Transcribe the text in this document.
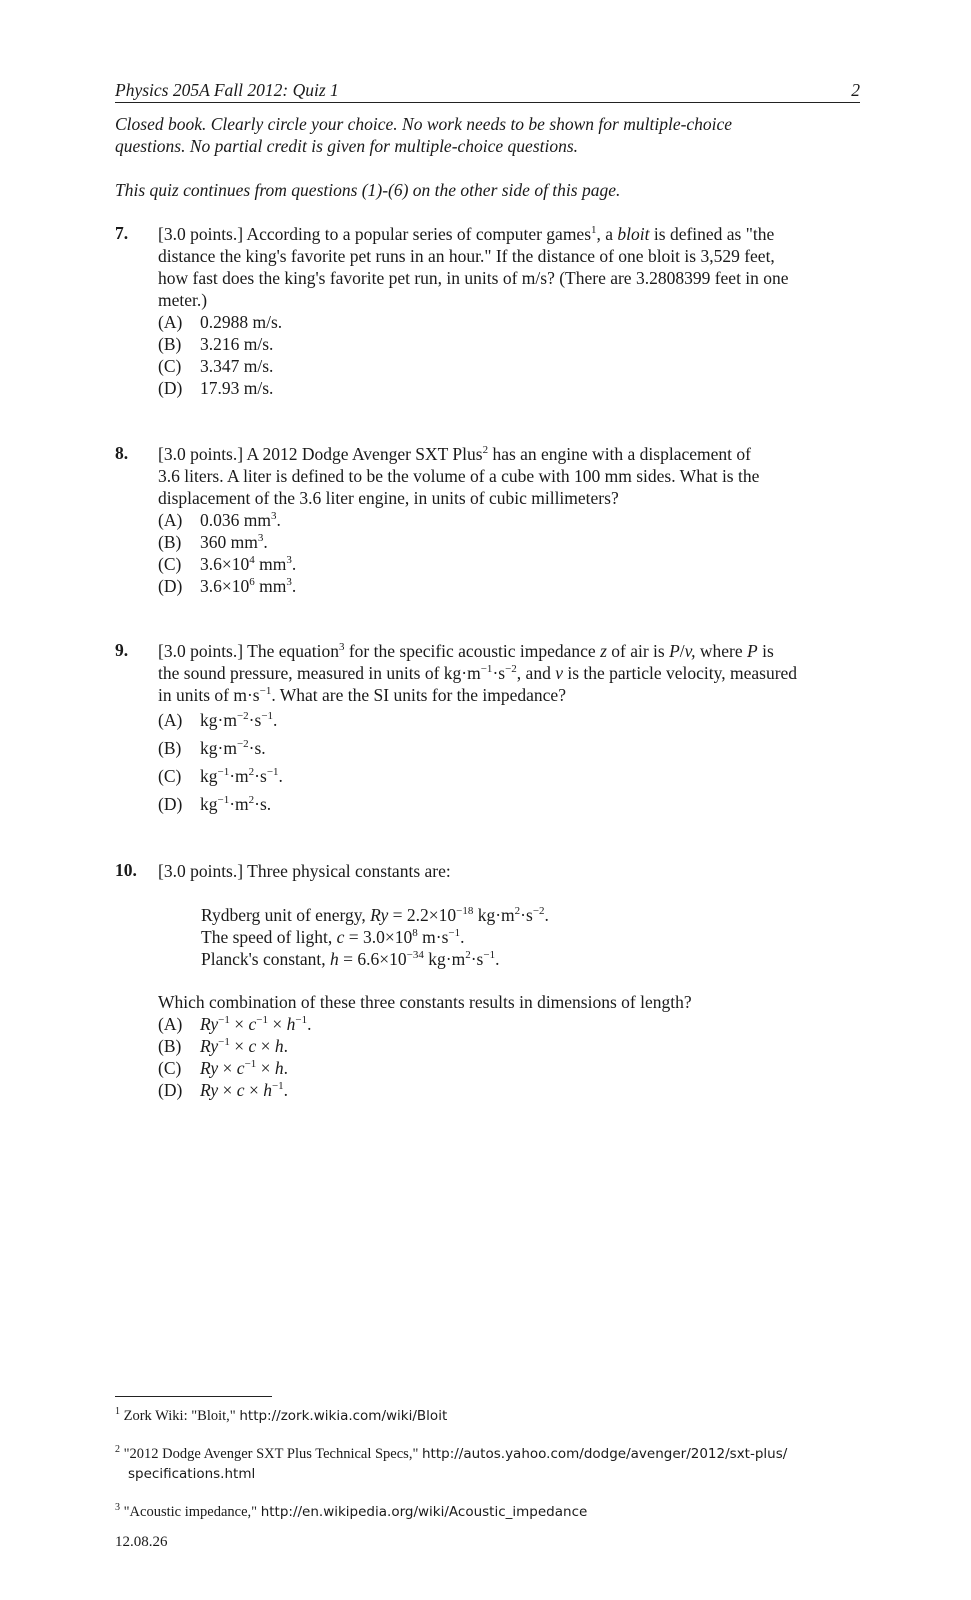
Physics 205A Fall 2012: Quiz 1	2
Closed book. Clearly circle your choice. No work needs to be shown for multiple-choice
questions. No partial credit is given for multiple-choice questions.
This quiz continues from questions (1)-(6) on the other side of this page.
7. [3.0 points.] According to a popular series of computer games$^1$, a bloit is defined as "the
distance the king's favorite pet runs in an hour." If the distance of one bloit is 3,529 feet,
how fast does the king's favorite pet run, in units of m/s? (There are 3.2808399 feet in one
meter.)
(A) 0.2988 m/s.
(B) 3.216 m/s.
(C) 3.347 m/s.
(D) 17.93 m/s.
8. [3.0 points.] A 2012 Dodge Avenger SXT Plus$^2$ has an engine with a displacement of
3.6 liters. A liter is defined to be the volume of a cube with 100 mm sides. What is the
displacement of the 3.6 liter engine, in units of cubic millimeters?
(A) 0.036 $mm^3$.
(B) 360 $mm^3$.
(C) $3.6\times 10^4$ $mm^3$.
(D) $3.6\times 10^6$ $mm^3$.
9. [3.0 points.] The equation$^3$ for the specific acoustic impedance z of air is P/v, where P is
the sound pressure, measured in units of $kg\cdot m^{-1}\cdot s^{-2}$, and v is the particle velocity, measured
in units of $m\cdot s^{-1}$. What are the SI units for the impedance?
(A) $kg\cdot m^{-2}\cdot s^{-1}$.
(B) $kg\cdot m^{-2}\cdot s$.
(C) $kg^{-1}\cdot m^2\cdot s^{-1}$.
(D) $kg^{-1}\cdot m^2\cdot s$.
10. [3.0 points.] Three physical constants are:
Rydberg unit of energy, $Ry = 2.2\times 10^{-18}$ $kg\cdot m^2\cdot s^{-2}$.
The speed of light, $c = 3.0\times 10^8$ $m\cdot s^{-1}$.
Planck's constant, $h = 6.6\times 10^{-34}$ $kg\cdot m^2\cdot s^{-1}$.
Which combination of these three constants results in dimensions of length?
(A) $Ry^{-1} \times c^{-1} \times h^{-1}$.
(B) $Ry^{-1} \times c \times h$.
(C) $Ry \times c^{-1} \times h$.
(D) $Ry \times c \times h^{-1}$.
$^1$ Zork Wiki: "Bloit," http://zork.wikia.com/wiki/Bloit
$^2$ "2012 Dodge Avenger SXT Plus Technical Specs," http://autos.yahoo.com/dodge/avenger/2012/sxt-plus/
specifications.html
$^3$ "Acoustic impedance," http://en.wikipedia.org/wiki/Acoustic_impedance
12.08.26
